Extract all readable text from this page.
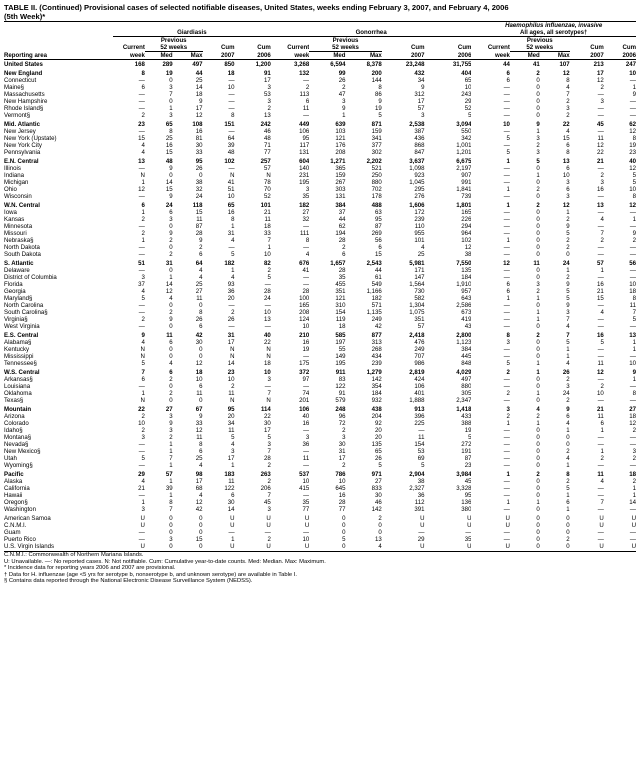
TABLE II. (Continued) Provisional cases of selected notifiable diseases, United States, weeks ending February 3, 2007, and February 4, 2006
(5th Week)*
											Haemophilus influenzae, invasive				
	Giardiasis					Gonorrhea					All ages, all serotypes†				
		Previous					Previous					Previous			
	Current	52 weeks		Cum	Cum	Current	52 weeks		Cum	Cum	Current	52 weeks		Cum	Cum
Reporting area	week	Med	Max	2007	2006	week	Med	Max	2007	2006	week	Med	Max	2007	2006
United States	168	289	497	850	1,200	3,268	6,594	8,378	23,248	31,755	44	41	107	213	247
New England	8	19	44	18	91	132	99	200	432	404	6	2	12	17	10
Connecticut	—	0	25	—	17	—	26	144	34	65	6	0	8	12	—
Maine§	6	3	14	10	3	2	2	8	9	10	—	0	4	2	1
Massachusetts	—	7	18	—	53	113	47	86	312	243	—	0	7	—	9
New Hampshire	—	0	9	—	3	6	3	9	17	29	—	0	2	3	—
Rhode Island§	—	1	17	—	2	11	9	19	57	52	—	0	3	—	—
Vermont§	2	3	12	8	13	—	1	5	3	5	—	0	2	—	—
Mid. Atlantic	23	65	108	151	242	449	639	871	2,538	3,094	10	9	22	45	62
New Jersey	—	8	16	—	46	106	103	159	387	550	—	1	4	—	12
New York (Upstate)	15	25	81	64	48	95	121	341	436	342	5	3	15	11	8
New York City	4	16	30	39	71	117	176	377	868	1,001	—	2	6	12	19
Pennsylvania	4	15	33	48	77	131	208	302	847	1,201	5	3	8	22	23
E.N. Central	13	48	95	102	257	604	1,271	2,202	3,637	6,675	1	5	13	21	40
Illinois	—	9	26	—	57	140	365	521	1,098	2,197	—	0	6	—	12
Indiana	N	0	0	N	N	231	159	250	923	907	—	1	10	2	5
Michigan	1	14	38	41	78	195	267	880	1,045	991	—	0	3	3	5
Ohio	12	15	32	51	70	3	303	702	295	1,841	1	2	6	16	10
Wisconsin	—	9	24	10	52	35	131	178	276	739	—	0	3	—	8
W.N. Central	6	24	118	65	101	182	384	488	1,606	1,801	1	2	12	13	12
Iowa	1	6	15	16	21	27	37	63	172	165	—	0	1	—	—
Kansas	2	3	11	8	11	32	44	95	239	226	—	0	2	4	1
Minnesota	—	0	87	1	18	—	62	87	110	294	—	0	9	—	—
Missouri	2	9	28	31	33	111	194	269	955	964	—	0	5	7	9
Nebraska§	1	2	9	4	7	8	28	56	101	102	1	0	2	2	2
North Dakota	—	0	2	—	1	—	2	6	4	12	—	0	2	—	—
South Dakota	—	2	6	5	10	4	6	15	25	38	—	0	0	—	—
S. Atlantic	51	31	64	182	82	676	1,657	2,543	5,981	7,550	12	11	24	57	56
Delaware	—	0	4	1	2	41	28	44	171	135	—	0	1	1	—
District of Columbia	3	1	4	4	5	—	35	61	147	184	—	0	2	—	—
Florida	37	14	25	93	—	—	455	549	1,564	1,910	6	3	9	16	10
Georgia	4	12	27	36	28	28	351	1,166	730	957	6	2	5	21	18
Maryland§	5	4	11	20	24	100	121	182	582	643	1	1	5	15	8
North Carolina	—	0	0	—	—	165	310	571	1,304	2,586	—	0	9	—	11
South Carolina§	—	2	8	2	10	208	154	1,135	1,075	673	—	1	3	4	7
Virginia§	2	9	26	26	13	124	119	249	351	419	—	1	7	—	5
West Virginia	—	0	6	—	—	10	18	42	57	43	—	0	4	—	—
E.S. Central	9	11	42	31	40	210	585	877	2,418	2,800	8	2	7	16	13
Alabama§	4	6	30	17	22	16	197	313	476	1,123	3	0	5	5	1
Kentucky	N	0	0	N	N	19	55	268	249	384	—	0	1	—	1
Mississippi	N	0	0	N	N	—	149	434	707	445	—	0	1	—	—
Tennessee§	5	4	12	14	18	175	195	239	986	848	5	1	4	11	10
W.S. Central	7	6	18	23	10	372	911	1,279	2,819	4,029	2	1	26	12	9
Arkansas§	6	2	10	10	3	97	83	142	424	497	—	0	2	—	1
Louisiana	—	0	6	2	—	—	122	354	106	880	—	0	3	2	—
Oklahoma	1	2	11	11	7	74	91	184	401	305	2	1	24	10	8
Texas§	N	0	0	N	N	201	579	932	1,888	2,347	—	0	2	—	—
Mountain	22	27	67	95	114	106	248	438	913	1,418	3	4	9	21	27
Arizona	2	3	9	20	22	40	96	204	396	433	2	2	6	11	18
Colorado	10	9	33	34	30	16	72	92	225	388	1	1	4	6	12
Idaho§	2	3	12	11	17	—	2	20	—	19	—	0	1	1	2
Montana§	3	2	11	5	5	3	3	20	11	5	—	0	0	—	—
Nevada§	—	1	8	4	3	36	30	135	154	272	—	0	0	—	—
New Mexico§	—	1	6	3	7	—	31	65	53	191	—	0	2	1	3
Utah	5	7	25	17	28	11	17	26	69	87	—	0	4	2	2
Wyoming§	—	1	4	1	2	—	2	5	5	23	—	0	1	—	—
Pacific	29	57	98	183	263	537	786	971	2,904	3,984	1	2	8	11	18
Alaska	4	1	17	11	2	10	10	27	38	45	—	0	2	4	2
California	21	39	68	122	206	415	645	833	2,327	3,328	—	0	5	—	1
Hawaii	—	1	4	6	7	—	16	30	36	95	—	0	1	—	1
Oregon§	1	8	12	30	45	35	28	46	112	136	1	1	6	7	14
Washington	3	7	42	14	3	77	77	142	391	380	—	0	1	—	—
American Samoa	U	0	0	U	U	U	0	2	U	U	U	0	0	U	U
C.N.M.I.	U	0	0	U	U	U	0	0	U	U	U	0	0	U	U
Guam	—	0	0	—	—	—	0	0	—	—	—	0	0	—	—
Puerto Rico	—	3	15	1	2	10	5	13	29	35	—	0	2	—	—
U.S. Virgin Islands	U	0	0	U	U	U	0	4	U	U	U	0	0	U	U
C.N.M.I.: Commonwealth of Northern Mariana Islands.
U: Unavailable. —: No reported cases. N: Not notifiable. Cum: Cumulative year-to-date counts. Med: Median. Max: Maximum.
* Incidence data for reporting years 2006 and 2007 are provisional.
† Data for H. influenzae (age <5 yrs for serotype b, nonserotype b, and unknown serotype) are available in Table I.
§ Contains data reported through the National Electronic Disease Surveillance System (NEDSS).
